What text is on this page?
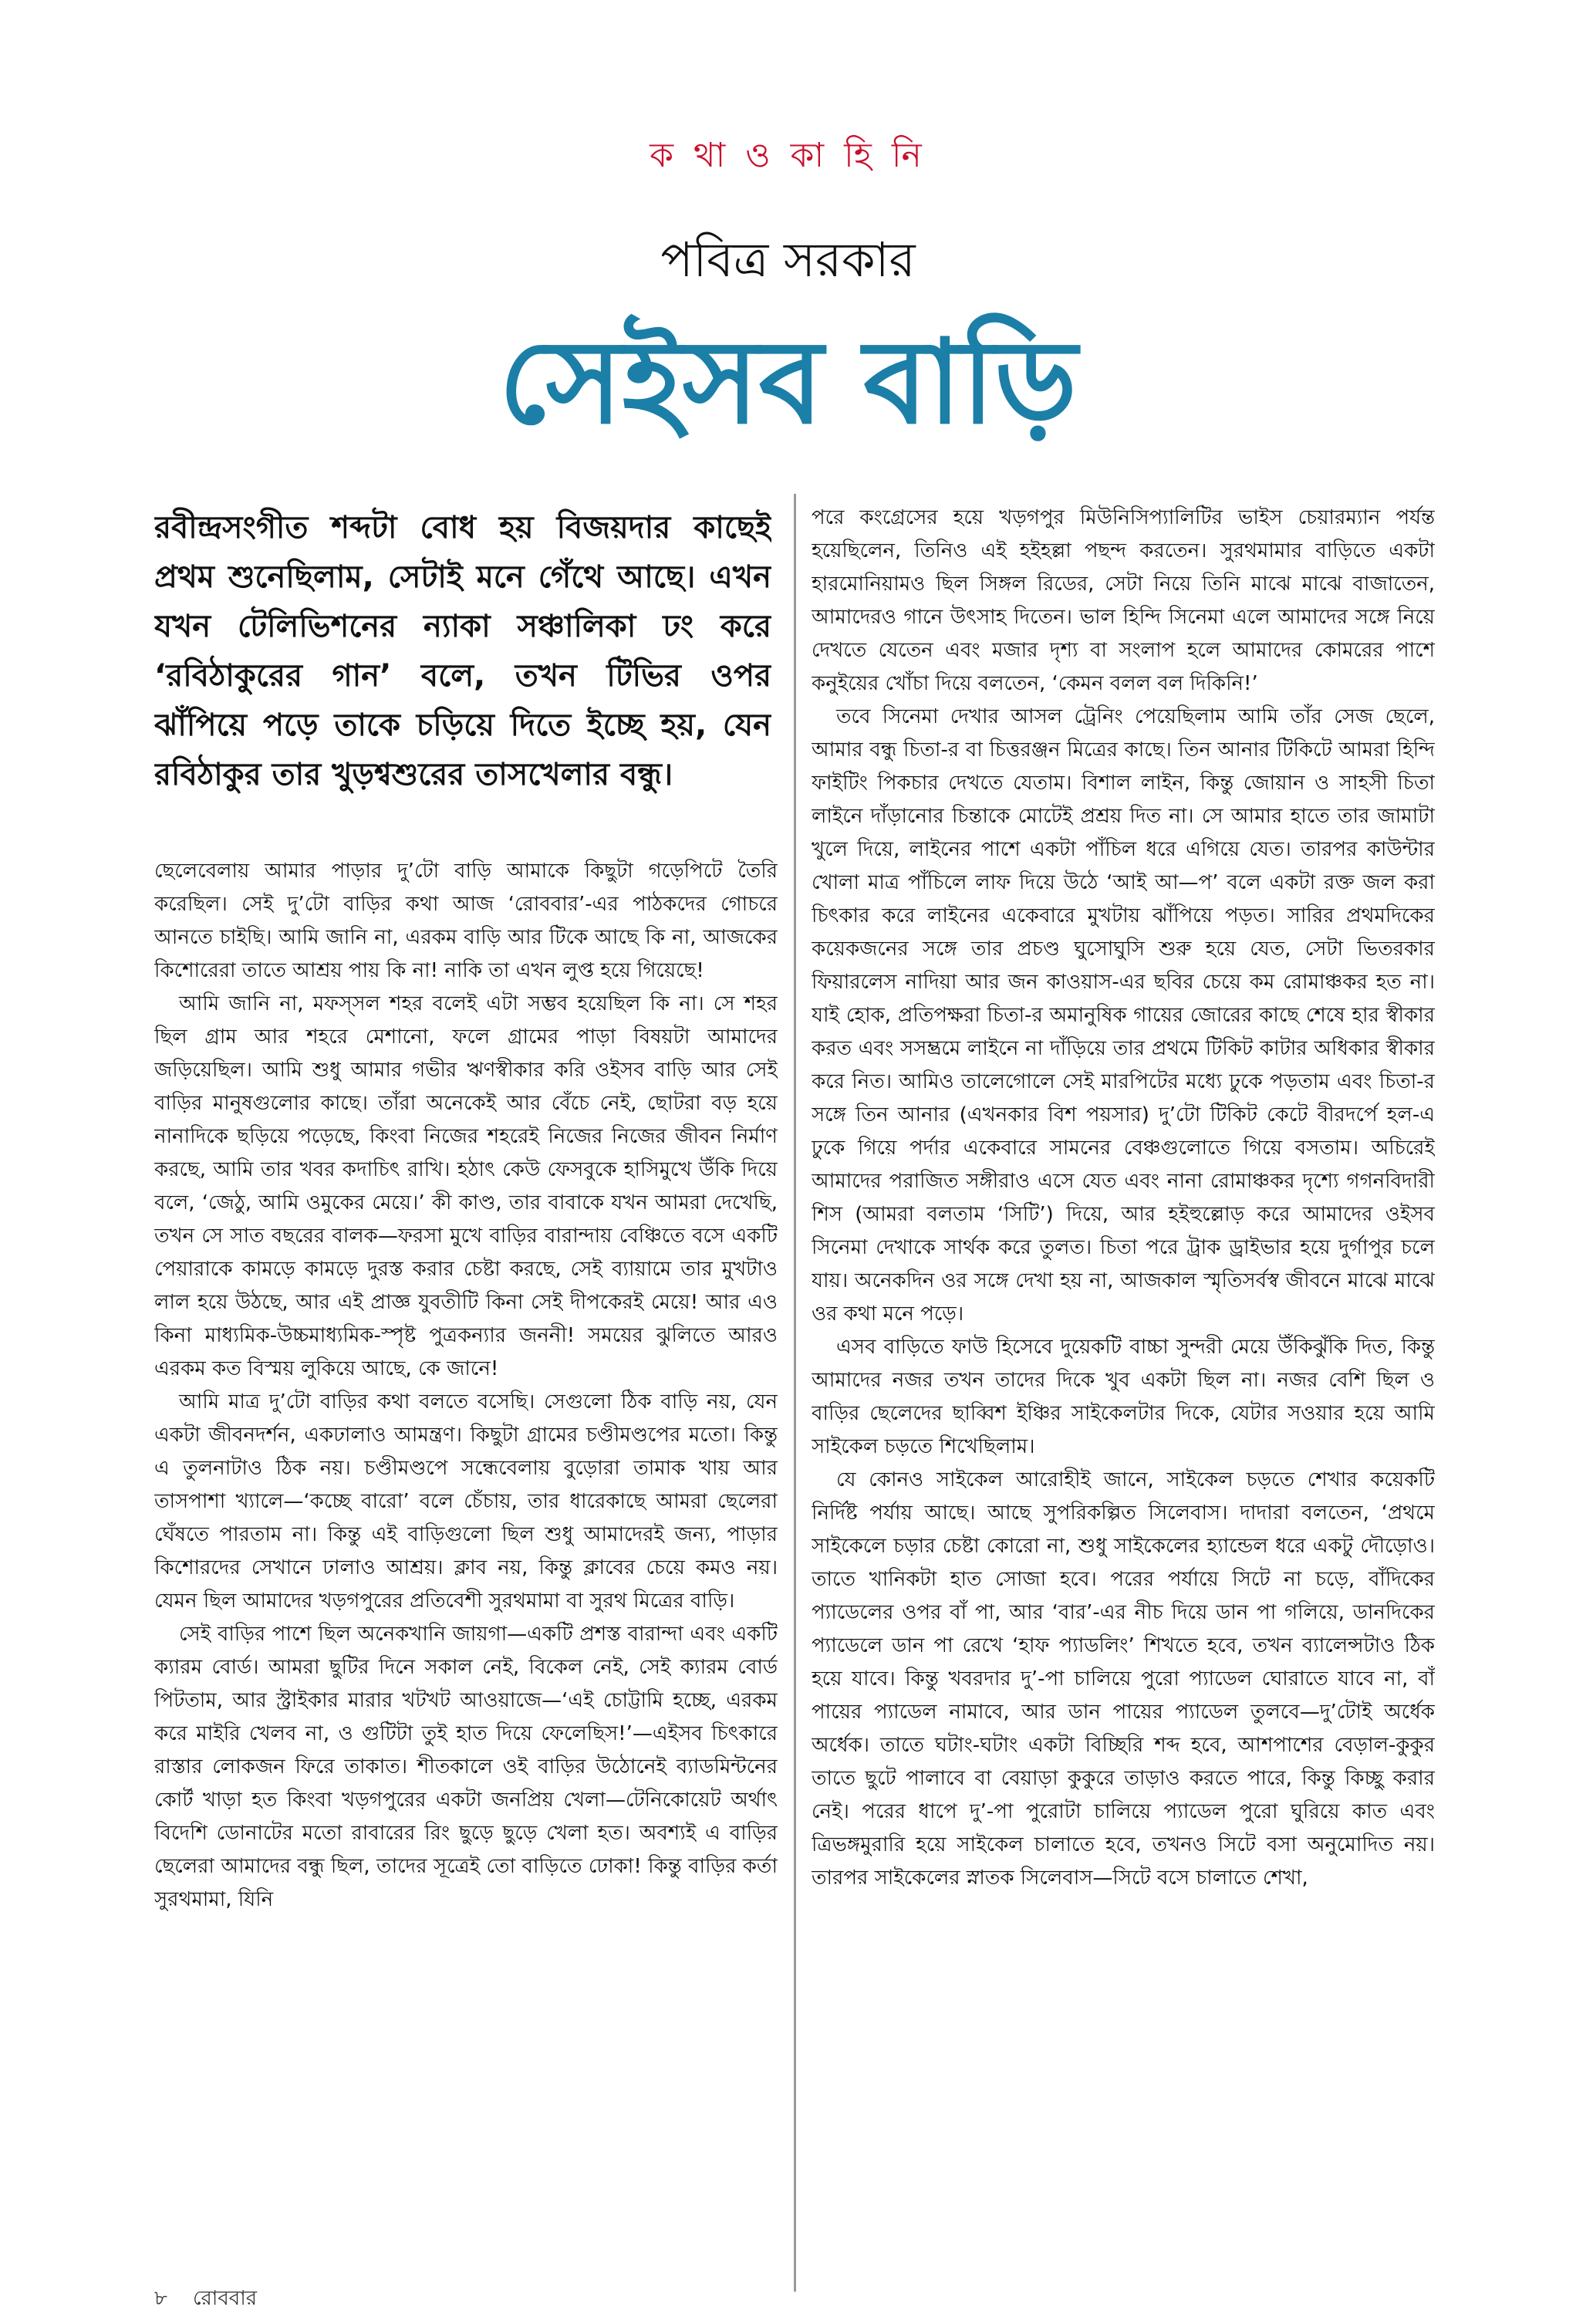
ক থা ও কা হি নি
পবিত্র সরকার
সেইসব বাড়ি
রবীন্দ্রসংগীত শব্দটা বোধ হয় বিজয়দার কাছেই প্রথম শুনেছিলাম, সেটাই মনে গেঁথে আছে। এখন যখন টেলিভিশনের ন্যাকা সঞ্চালিকা ঢং করে ‘রবিঠাকুরের গান’ বলে, তখন টিভির ওপর ঝাঁপিয়ে পড়ে তাকে চড়িয়ে দিতে ইচ্ছে হয়, যেন রবিঠাকুর তার খুড়শ্বশুরের তাসখেলার বন্ধু।

ছেলেবেলায় আমার পাড়ার দু’টো বাড়ি আমাকে কিছুটা গড়েপিটে তৈরি করেছিল। সেই দু’টো বাড়ির কথা আজ ‘রোববার’-এর পাঠকদের গোচরে আনতে চাইছি। আমি জানি না, এরকম বাড়ি আর টিকে আছে কি না, আজকের কিশোরেরা তাতে আশ্রয় পায় কি না! নাকি তা এখন লুপ্ত হয়ে গিয়েছে!

আমি জানি না, মফস্‌সল শহর বলেই এটা সম্ভব হয়েছিল কি না। সে শহর ছিল গ্রাম আর শহরে মেশানো, ফলে গ্রামের পাড়া বিষয়টা আমাদের জড়িয়েছিল। আমি শুধু আমার গভীর ঋণস্বীকার করি ওইসব বাড়ি আর সেই বাড়ির মানুষগুলোর কাছে। তাঁরা অনেকেই আর বেঁচে নেই, ছোটরা বড় হয়ে নানাদিকে ছড়িয়ে পড়েছে, কিংবা নিজের শহরেই নিজের নিজের জীবন নির্মাণ করছে, আমি তার খবর কদাচিৎ রাখি। হঠাৎ কেউ ফেসবুকে হাসিমুখে উঁকি দিয়ে বলে, ‘জেঠু, আমি ওমুকের মেয়ে।’ কী কাণ্ড, তার বাবাকে যখন আমরা দেখেছি, তখন সে সাত বছরের বালক—ফরসা মুখে বাড়ির বারান্দায় বেঞ্চিতে বসে একটি পেয়ারাকে কামড়ে কামড়ে দুরস্ত করার চেষ্টা করছে, সেই ব্যায়ামে তার মুখটাও লাল হয়ে উঠছে, আর এই প্রাজ্ঞ যুবতীটি কিনা সেই দীপকেরই মেয়ে! আর এও কিনা মাধ্যমিক-উচ্চমাধ্যমিক-স্পৃষ্ট পুত্রকন্যার জননী! সময়ের ঝুলিতে আরও এরকম কত বিস্ময় লুকিয়ে আছে, কে জানে!

আমি মাত্র দু’টো বাড়ির কথা বলতে বসেছি। সেগুলো ঠিক বাড়ি নয়, যেন একটা জীবনদর্শন, একঢালাও আমন্ত্রণ। কিছুটা গ্রামের চণ্ডীমণ্ডপের মতো। কিন্তু এ তুলনাটাও ঠিক নয়। চণ্ডীমণ্ডপে সন্ধেবেলায় বুড়োরা তামাক খায় আর তাসপাশা খ্যালে—‘কচ্ছে বারো’ বলে চেঁচায়, তার ধারেকাছে আমরা ছেলেরা ঘেঁষতে পারতাম না। কিন্তু এই বাড়িগুলো ছিল শুধু আমাদেরই জন্য, পাড়ার কিশোরদের সেখানে ঢালাও আশ্রয়। ক্লাব নয়, কিন্তু ক্লাবের চেয়ে কমও নয়। যেমন ছিল আমাদের খড়গপুরের প্রতিবেশী সুরথমামা বা সুরথ মিত্রের বাড়ি।

সেই বাড়ির পাশে ছিল অনেকখানি জায়গা—একটি প্রশস্ত বারান্দা এবং একটি ক্যারম বোর্ড। আমরা ছুটির দিনে সকাল নেই, বিকেল নেই, সেই ক্যারম বোর্ড পিটতাম, আর স্ট্রাইকার মারার খটখট আওয়াজে—‘এই চোট্টামি হচ্ছে, এরকম করে মাইরি খেলব না, ও গুটিটা তুই হাত দিয়ে ফেলেছিস!’—এইসব চিৎকারে রাস্তার লোকজন ফিরে তাকাত। শীতকালে ওই বাড়ির উঠোনেই ব্যাডমিন্টনের কোর্ট খাড়া হত কিংবা খড়গপুরের একটা জনপ্রিয় খেলা—টেনিকোয়েট অর্থাৎ বিদেশি ডোনাটের মতো রাবারের রিং ছুড়ে ছুড়ে খেলা হত। অবশ্যই এ বাড়ির ছেলেরা আমাদের বন্ধু ছিল, তাদের সূত্রেই তো বাড়িতে ঢোকা! কিন্তু বাড়ির কর্তা সুরথমামা, যিনি

পরে কংগ্রেসের হয়ে খড়গপুর মিউনিসিপ্যালিটির ভাইস চেয়ারম্যান পর্যন্ত হয়েছিলেন, তিনিও এই হইহল্লা পছন্দ করতেন। সুরথমামার বাড়িতে একটা হারমোনিয়ামও ছিল সিঙ্গল রিডের, সেটা নিয়ে তিনি মাঝে মাঝে বাজাতেন, আমাদেরও গানে উৎসাহ দিতেন। ভাল হিন্দি সিনেমা এলে আমাদের সঙ্গে নিয়ে দেখতে যেতেন এবং মজার দৃশ্য বা সংলাপ হলে আমাদের কোমরের পাশে কনুইয়ের খোঁচা দিয়ে বলতেন, ‘কেমন বলল বল দিকিনি!’

তবে সিনেমা দেখার আসল ট্রেনিং পেয়েছিলাম আমি তাঁর সেজ ছেলে, আমার বন্ধু চিতা-র বা চিত্তরঞ্জন মিত্রের কাছে। তিন আনার টিকিটে আমরা হিন্দি ফাইটিং পিকচার দেখতে যেতাম। বিশাল লাইন, কিন্তু জোয়ান ও সাহসী চিতা লাইনে দাঁড়ানোর চিন্তাকে মোটেই প্রশ্রয় দিত না। সে আমার হাতে তার জামাটা খুলে দিয়ে, লাইনের পাশে একটা পাঁচিল ধরে এগিয়ে যেত। তারপর কাউন্টার খোলা মাত্র পাঁচিলে লাফ দিয়ে উঠে ‘আই আ—প’ বলে একটা রক্ত জল করা চিৎকার করে লাইনের একেবারে মুখটায় ঝাঁপিয়ে পড়ত। সারির প্রথমদিকের কয়েকজনের সঙ্গে তার প্রচণ্ড ঘুসোঘুসি শুরু হয়ে যেত, সেটা ভিতরকার ফিয়ারলেস নাদিয়া আর জন কাওয়াস-এর ছবির চেয়ে কম রোমাঞ্চকর হত না। যাই হোক, প্রতিপক্ষরা চিতা-র অমানুষিক গায়ের জোরের কাছে শেষে হার স্বীকার করত এবং সসম্ভ্রমে লাইনে না দাঁড়িয়ে তার প্রথমে টিকিট কাটার অধিকার স্বীকার করে নিত। আমিও তালেগোলে সেই মারপিটের মধ্যে ঢুকে পড়তাম এবং চিতা-র সঙ্গে তিন আনার (এখনকার বিশ পয়সার) দু’টো টিকিট কেটে বীরদর্পে হল-এ ঢুকে গিয়ে পর্দার একেবারে সামনের বেঞ্চগুলোতে গিয়ে বসতাম। অচিরেই আমাদের পরাজিত সঙ্গীরাও এসে যেত এবং নানা রোমাঞ্চকর দৃশ্যে গগনবিদারী শিস (আমরা বলতাম ‘সিটি’) দিয়ে, আর হইহুল্লোড় করে আমাদের ওইসব সিনেমা দেখাকে সার্থক করে তুলত। চিতা পরে ট্রাক ড্রাইভার হয়ে দুর্গাপুর চলে যায়। অনেকদিন ওর সঙ্গে দেখা হয় না, আজকাল স্মৃতিসর্বস্ব জীবনে মাঝে মাঝে ওর কথা মনে পড়ে।

এসব বাড়িতে ফাউ হিসেবে দুয়েকটি বাচ্চা সুন্দরী মেয়ে উঁকিঝুঁকি দিত, কিন্তু আমাদের নজর তখন তাদের দিকে খুব একটা ছিল না। নজর বেশি ছিল ও বাড়ির ছেলেদের ছাব্বিশ ইঞ্চির সাইকেলটার দিকে, যেটার সওয়ার হয়ে আমি সাইকেল চড়তে শিখেছিলাম।

যে কোনও সাইকেল আরোহীই জানে, সাইকেল চড়তে শেখার কয়েকটি নির্দিষ্ট পর্যায় আছে। আছে সুপরিকল্পিত সিলেবাস। দাদারা বলতেন, ‘প্রথমে সাইকেলে চড়ার চেষ্টা কোরো না, শুধু সাইকেলের হ্যান্ডেল ধরে একটু দৌড়োও। তাতে খানিকটা হাত সোজা হবে। পরের পর্যায়ে সিটে না চড়ে, বাঁদিকের প্যাডেলের ওপর বাঁ পা, আর ‘বার’-এর নীচ দিয়ে ডান পা গলিয়ে, ডানদিকের প্যাডেলে ডান পা রেখে ‘হাফ প্যাডলিং’ শিখতে হবে, তখন ব্যালেন্সটাও ঠিক হয়ে যাবে। কিন্তু খবরদার দু’-পা চালিয়ে পুরো প্যাডেল ঘোরাতে যাবে না, বাঁ পায়ের প্যাডেল নামাবে, আর ডান পায়ের প্যাডেল তুলবে—দু’টোই অর্ধেক অর্ধেক। তাতে ঘটাং-ঘটাং একটা বিচ্ছিরি শব্দ হবে, আশপাশের বেড়াল-কুকুর তাতে ছুটে পালাবে বা বেয়াড়া কুকুরে তাড়াও করতে পারে, কিন্তু কিচ্ছু করার নেই। পরের ধাপে দু’-পা পুরোটা চালিয়ে প্যাডেল পুরো ঘুরিয়ে কাত এবং ত্রিভঙ্গমুরারি হয়ে সাইকেল চালাতে হবে, তখনও সিটে বসা অনুমোদিত নয়। তারপর সাইকেলের স্নাতক সিলেবাস—সিটে বসে চালাতে শেখা,

৮ রোববার
